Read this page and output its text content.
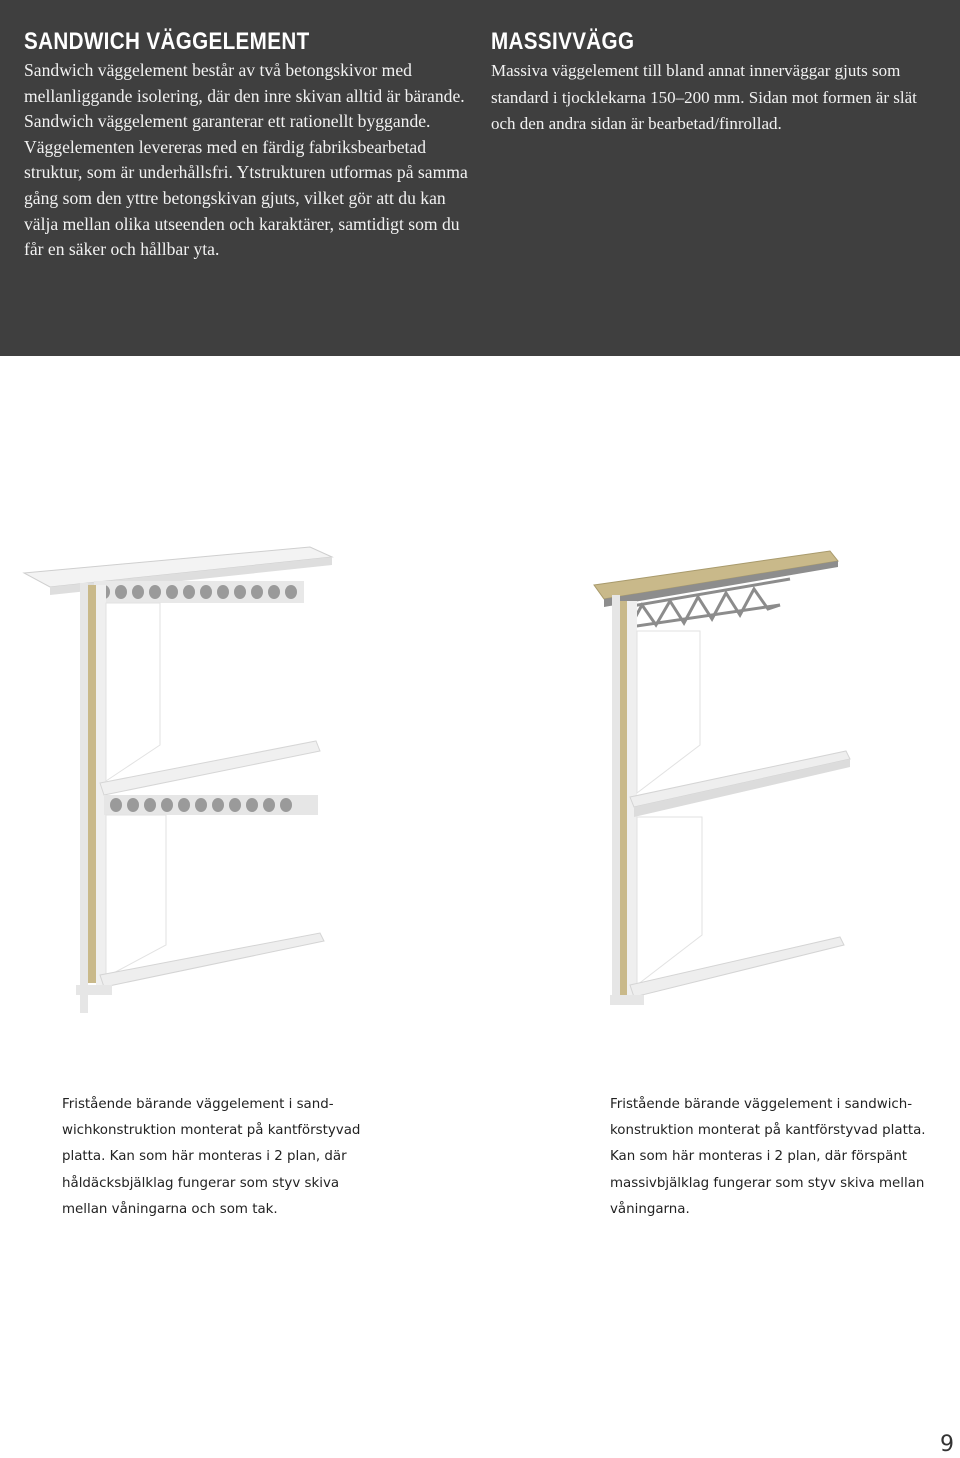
SANDWICH VÄGGELEMENT

Sandwich väggelement består av två betongskivor med mellanliggande isolering, där den inre skivan alltid är bärande. Sandwich väggelement garanterar ett rationellt byggande. Väggelementen levereras med en färdig fabriksbearbetad struktur, som är underhållsfri. Ytstrukturen utformas på samma gång som den yttre betongskivan gjuts, vilket gör att du kan välja mellan olika utseenden och karaktärer, samtidigt som du får en säker och hållbar yta.

MASSIVVÄGG

Massiva väggelement till bland annat innerväggar gjuts som standard i tjocklekarna 150–200 mm. Sidan mot formen är slät och den andra sidan är bearbetad/finrollad.

Fristående bärande väggelement i sandwichkonstruktion monterat på kantförstyvad platta. Kan som här monteras i 2 plan, där håldäcksbjälklag fungerar som styv skiva mellan våningarna och som tak.

Fristående bärande väggelement i sandwichkonstruktion monterat på kantförstyvad platta. Kan som här monteras i 2 plan, där förspänt massivbjälklag fungerar som styv skiva mellan våningarna.

9
